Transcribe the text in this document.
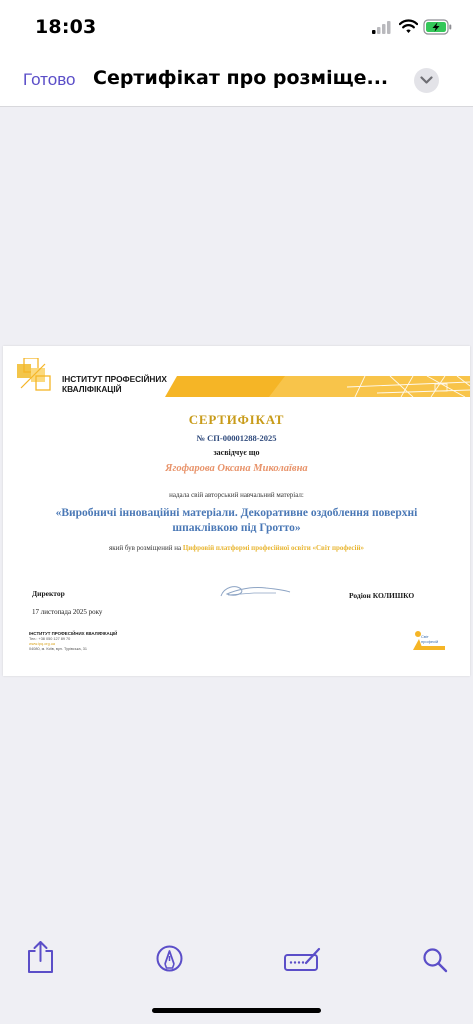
18:03
Готово Сертифікат про розміще...
ІНСТИТУТ ПРОФЕСІЙНИХ
КВАЛІФІКАЦІЙ
СЕРТИФІКАТ
№ СП-00001288-2025
засвідчує що
Ягофарова Оксана Миколаївна
надала свій авторський навчальний матеріал:
«Виробничі інноваційні матеріали. Декоративне оздоблення поверхні шпаклівкою під Гротто»
який був розміщений на Цифровій платформі професійної освіти «Світ професій»
Директор	Родіон КОЛИШКО
17 листопада 2025 року
ІНСТИТУТ ПРОФЕСІЙНИХ КВАЛІФІКАЦІЙ
Тел.: +38 050 127 89 70
www.ipq.org.ua
04080, м. Київ, вул. Турівська, 31
Світ
професій
